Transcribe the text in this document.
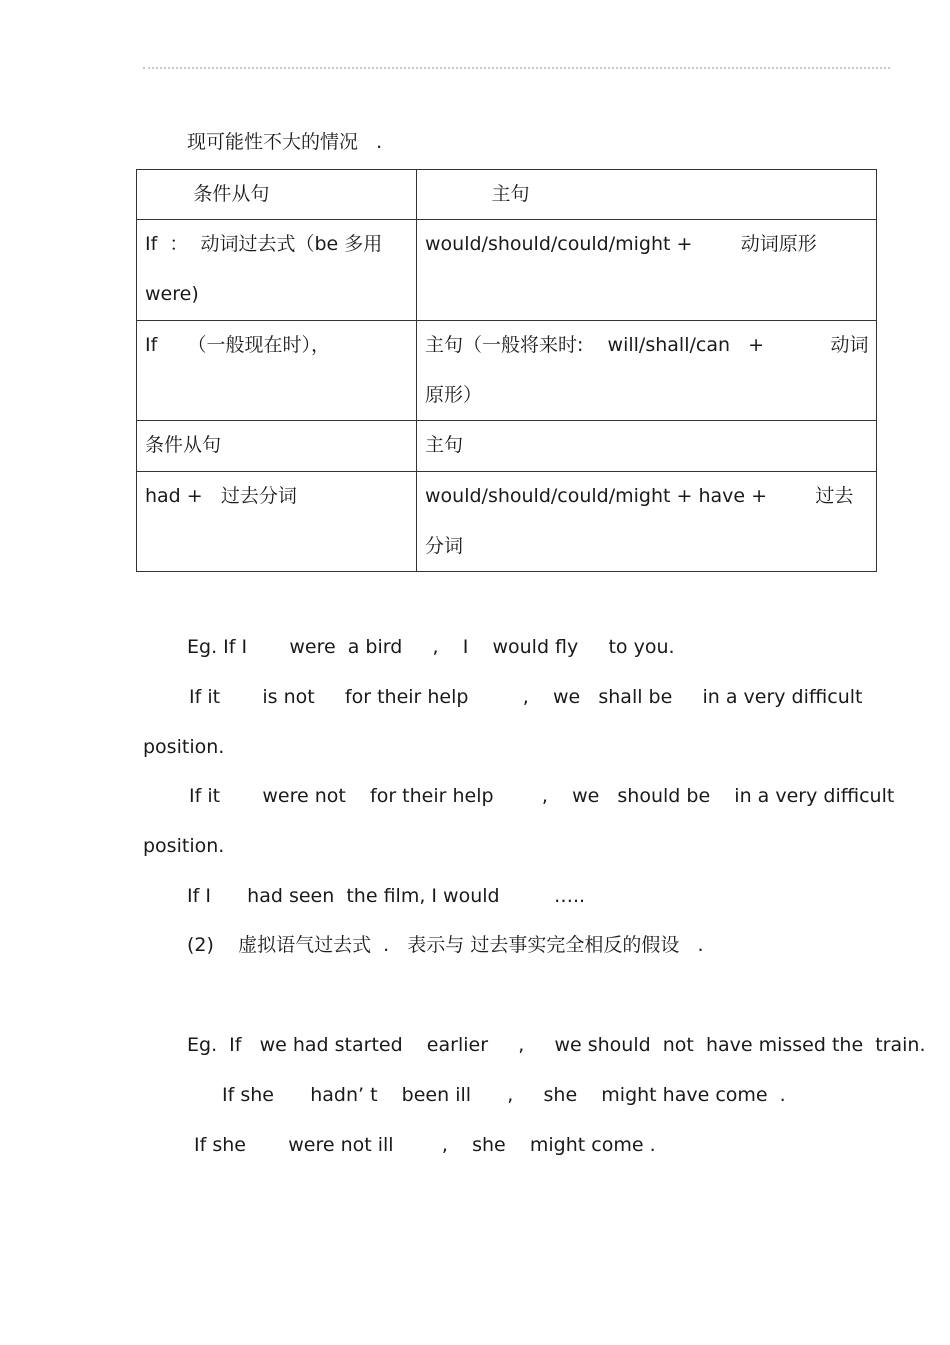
现可能性不大的情况   .
条件从句	主句

If  ：  动词过去式（be 多用 were)	would/should/could/might +        动词原形

If     （一般现在时），	主句（一般将来时:    will/shall/can   +           动词原形）

条件从句	主句

had +   过去分词	would/should/could/might + have +        过去分词
Eg. If I       were  a bird     ,    I    would fly     to you.
If it       is not     for their help         ,    we   shall be     in a very difficult
position.
If it       were not    for their help        ,    we   should be    in a very difficult
position.
If I      had seen  the film, I would         …..
(2)    虚拟语气过去式  .   表示与 过去事实完全相反的假设   .
Eg.  If   we had started    earlier     ,     we should  not  have missed the  train.
If she      hadn’ t    been ill      ,     she    might have come  .
If she       were not ill        ,    she    might come .
